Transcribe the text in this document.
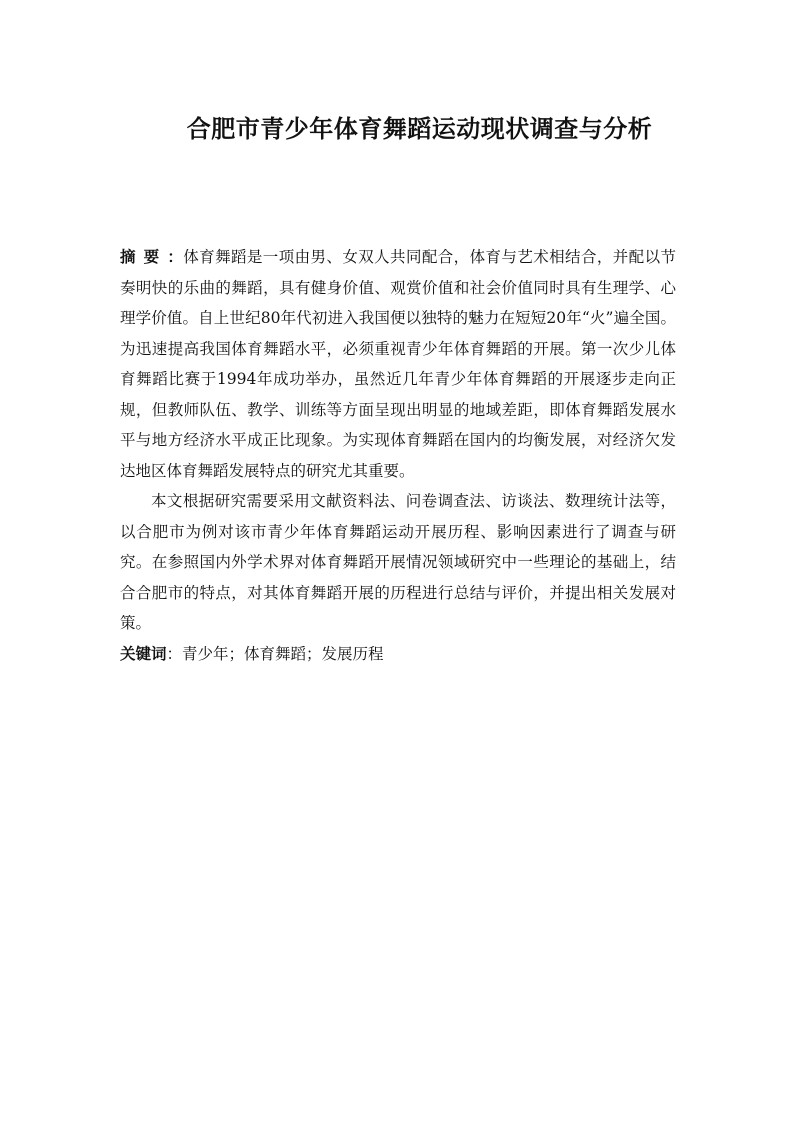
合肥市青少年体育舞蹈运动现状调查与分析

摘要：体育舞蹈是一项由男、女双人共同配合，体育与艺术相结合，并配以节奏明快的乐曲的舞蹈，具有健身价值、观赏价值和社会价值同时具有生理学、心理学价值。自上世纪80年代初进入我国便以独特的魅力在短短20年“火”遍全国。为迅速提高我国体育舞蹈水平，必须重视青少年体育舞蹈的开展。第一次少儿体育舞蹈比赛于1994年成功举办，虽然近几年青少年体育舞蹈的开展逐步走向正规，但教师队伍、教学、训练等方面呈现出明显的地域差距，即体育舞蹈发展水平与地方经济水平成正比现象。为实现体育舞蹈在国内的均衡发展，对经济欠发达地区体育舞蹈发展特点的研究尤其重要。

本文根据研究需要采用文献资料法、问卷调查法、访谈法、数理统计法等，以合肥市为例对该市青少年体育舞蹈运动开展历程、影响因素进行了调查与研究。在参照国内外学术界对体育舞蹈开展情况领域研究中一些理论的基础上，结合合肥市的特点，对其体育舞蹈开展的历程进行总结与评价，并提出相关发展对策。

关键词：青少年；体育舞蹈；发展历程
